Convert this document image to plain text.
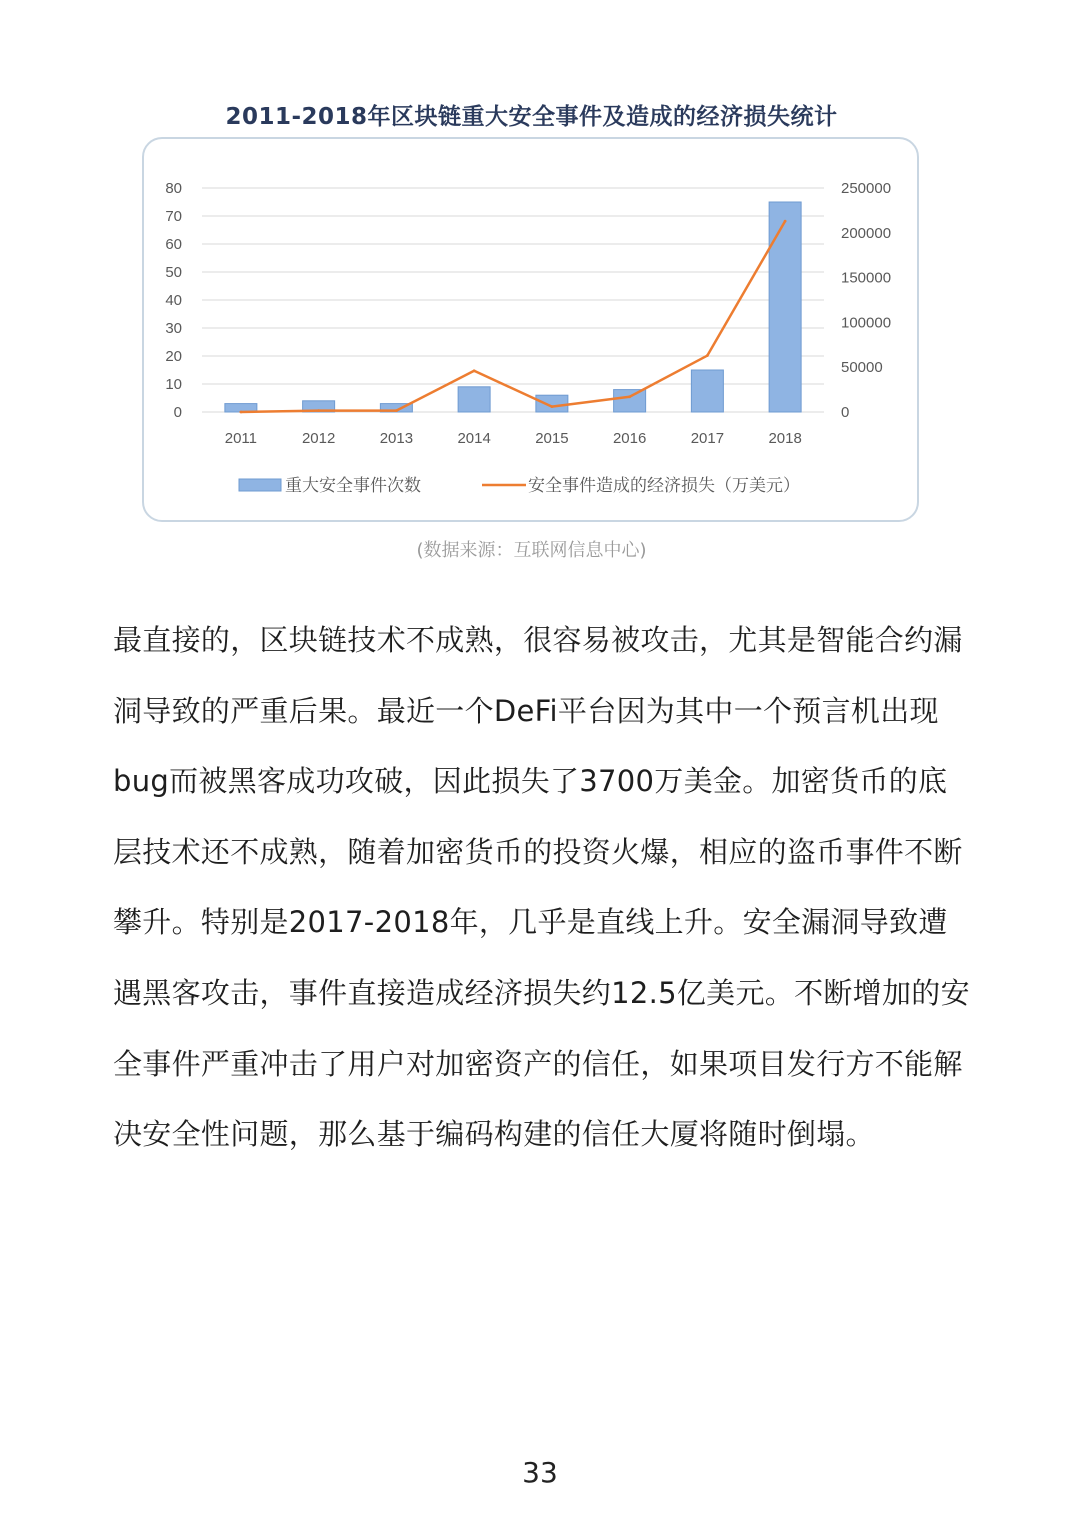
2011-2018年区块链重大安全事件及造成的经济损失统计
80
70
60
50
40
30
20
10
0
250000
200000
150000
100000
50000
0
2011	2012	2013	2014	2015	2016	2017	2018
重大安全事件次数	安全事件造成的经济损失（万美元）
(数据来源：互联网信息中心)

最直接的，区块链技术不成熟，很容易被攻击，尤其是智能合约漏洞导致的严重后果。最近一个DeFi平台因为其中一个预言机出现bug而被黑客成功攻破，因此损失了3700万美金。加密货币的底层技术还不成熟，随着加密货币的投资火爆，相应的盗币事件不断攀升。特别是2017-2018年，几乎是直线上升。安全漏洞导致遭遇黑客攻击，事件直接造成经济损失约12.5亿美元。不断增加的安全事件严重冲击了用户对加密资产的信任，如果项目发行方不能解决安全性问题，那么基于编码构建的信任大厦将随时倒塌。

33
